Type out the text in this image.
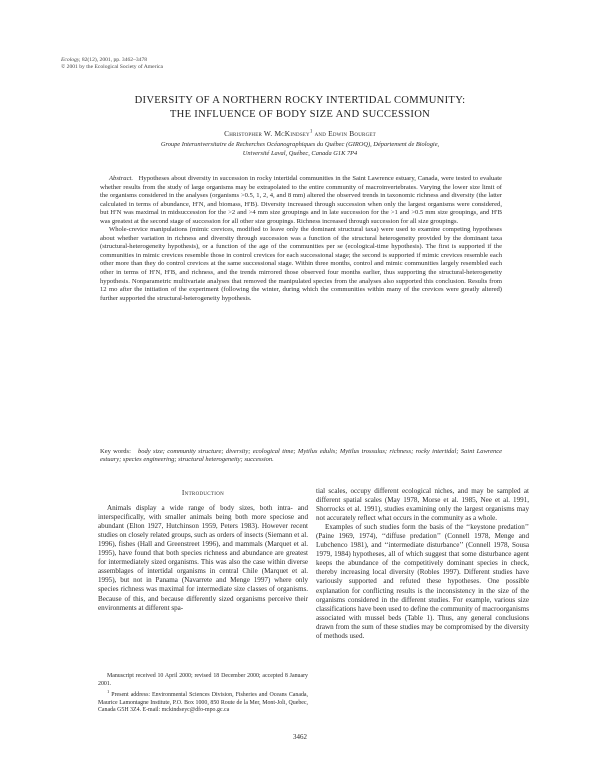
Ecology, 82(12), 2001, pp. 3462–3478
© 2001 by the Ecological Society of America
DIVERSITY OF A NORTHERN ROCKY INTERTIDAL COMMUNITY:
THE INFLUENCE OF BODY SIZE AND SUCCESSION
Christopher W. McKindsey$^1$ and Edwin Bourget
Groupe Interuniversitaire de Recherches Océanographiques du Québec (GIROQ), Département de Biologie,
Université Laval, Québec, Canada G1K 7P4

Abstract. Hypotheses about diversity in succession in rocky intertidal communities in the Saint Lawrence estuary, Canada, were tested to evaluate whether results from the study of large organisms may be extrapolated to the entire community of macroinvertebrates. Varying the lower size limit of the organisms considered in the analyses (organisms >0.5, 1, 2, 4, and 8 mm) altered the observed trends in taxonomic richness and diversity (the latter calculated in terms of abundance, H′N, and biomass, H′B). Diversity increased through succession when only the largest organisms were considered, but H′N was maximal in midsuccession for the >2 and >4 mm size groupings and in late succession for the >1 and >0.5 mm size groupings, and H′B was greatest at the second stage of succession for all other size groupings. Richness increased through succession for all size groupings.

Whole-crevice manipulations (mimic crevices, modified to leave only the dominant structural taxa) were used to examine competing hypotheses about whether variation in richness and diversity through succession was a function of the structural heterogeneity provided by the dominant taxa (structural-heterogeneity hypothesis), or a function of the age of the communities per se (ecological-time hypothesis). The first is supported if the communities in mimic crevices resemble those in control crevices for each successional stage; the second is supported if mimic crevices resemble each other more than they do control crevices at the same successional stage. Within three months, control and mimic communities largely resembled each other in terms of H′N, H′B, and richness, and the trends mirrored those observed four months earlier, thus supporting the structural-heterogeneity hypothesis. Nonparametric multivariate analyses that removed the manipulated species from the analyses also supported this conclusion. Results from 12 mo after the initiation of the experiment (following the winter, during which the communities within many of the crevices were greatly altered) further supported the structural-heterogeneity hypothesis.

Key words: body size; community structure; diversity; ecological time; Mytilus edulis; Mytilus trossulus; richness; rocky intertidal; Saint Lawrence estuary; species engineering; structural heterogeneity; succession.
Introduction

Animals display a wide range of body sizes, both intra- and interspecifically, with smaller animals being both more speciose and abundant (Elton 1927, Hutchinson 1959, Peters 1983). However recent studies on closely related groups, such as orders of insects (Siemann et al. 1996), fishes (Hall and Greenstreet 1996), and mammals (Marquet et al. 1995), have found that both species richness and abundance are greatest for intermediately sized organisms. This was also the case within diverse assemblages of intertidal organisms in central Chile (Marquet et al. 1995), but not in Panama (Navarrete and Menge 1997) where only species richness was maximal for intermediate size classes of organisms. Because of this, and because differently sized organisms perceive their environments at different spa-

tial scales, occupy different ecological niches, and may be sampled at different spatial scales (May 1978, Morse et al. 1985, Nee et al. 1991, Shorrocks et al. 1991), studies examining only the largest organisms may not accurately reflect what occurs in the community as a whole.

Examples of such studies form the basis of the ‘‘keystone predation’’ (Paine 1969, 1974), ‘‘diffuse predation’’ (Connell 1978, Menge and Lubchenco 1981), and ‘‘intermediate disturbance’’ (Connell 1978, Sousa 1979, 1984) hypotheses, all of which suggest that some disturbance agent keeps the abundance of the competitively dominant species in check, thereby increasing local diversity (Robles 1997). Different studies have variously supported and refuted these hypotheses. One possible explanation for conflicting results is the inconsistency in the size of the organisms considered in the different studies. For example, various size classifications have been used to define the community of macroorganisms associated with mussel beds (Table 1). Thus, any general conclusions drawn from the sum of these studies may be compromised by the diversity of methods used.

Manuscript received 10 April 2000; revised 18 December 2000; accepted 8 January 2001.

$^1$ Present address: Environmental Sciences Division, Fisheries and Oceans Canada, Maurice Lamontagne Institute, P.O. Box 1000, 850 Route de la Mer, Mont-Joli, Quebec, Canada G5H 3Z4. E-mail: mckindseyc@dfo-mpo.gc.ca

3462
